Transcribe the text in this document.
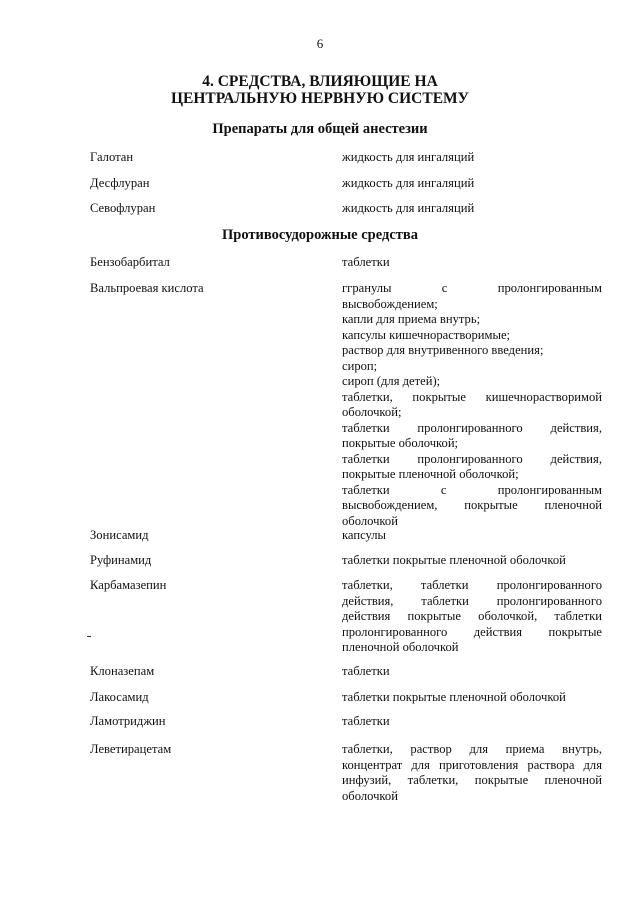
6
4. СРЕДСТВА, ВЛИЯЮЩИЕ НА
ЦЕНТРАЛЬНУЮ НЕРВНУЮ СИСТЕМУ
Препараты для общей анестезии
Галотан	жидкость для ингаляций
Десфлуран	жидкость для ингаляций
Севофлуран	жидкость для ингаляций
Противосудорожные средства
Бензобарбитал	таблетки
Вальпроевая кислота	ггранулы с пролонгированным
высвобождением;
капли для приема внутрь;
капсулы кишечнорастворимые;
раствор для внутривенного введения;
сироп;
сироп (для детей);
таблетки, покрытые кишечнорастворимой
оболочкой;
таблетки пролонгированного действия,
покрытые оболочкой;
таблетки пролонгированного действия,
покрытые пленочной оболочкой;
таблетки с пролонгированным
высвобождением, покрытые пленочной
оболочкой
Зонисамид	капсулы
Руфинамид	таблетки покрытые пленочной оболочкой
Карбамазепин	таблетки, таблетки пролонгированного
действия, таблетки пролонгированного
действия покрытые оболочкой, таблетки
пролонгированного действия покрытые
пленочной оболочкой
Клоназепам	таблетки
Лакосамид	таблетки покрытые пленочной оболочкой
Ламотриджин	таблетки
Леветирацетам	таблетки, раствор для приема внутрь,
концентрат для приготовления раствора для
инфузий, таблетки, покрытые пленочной
оболочкой
